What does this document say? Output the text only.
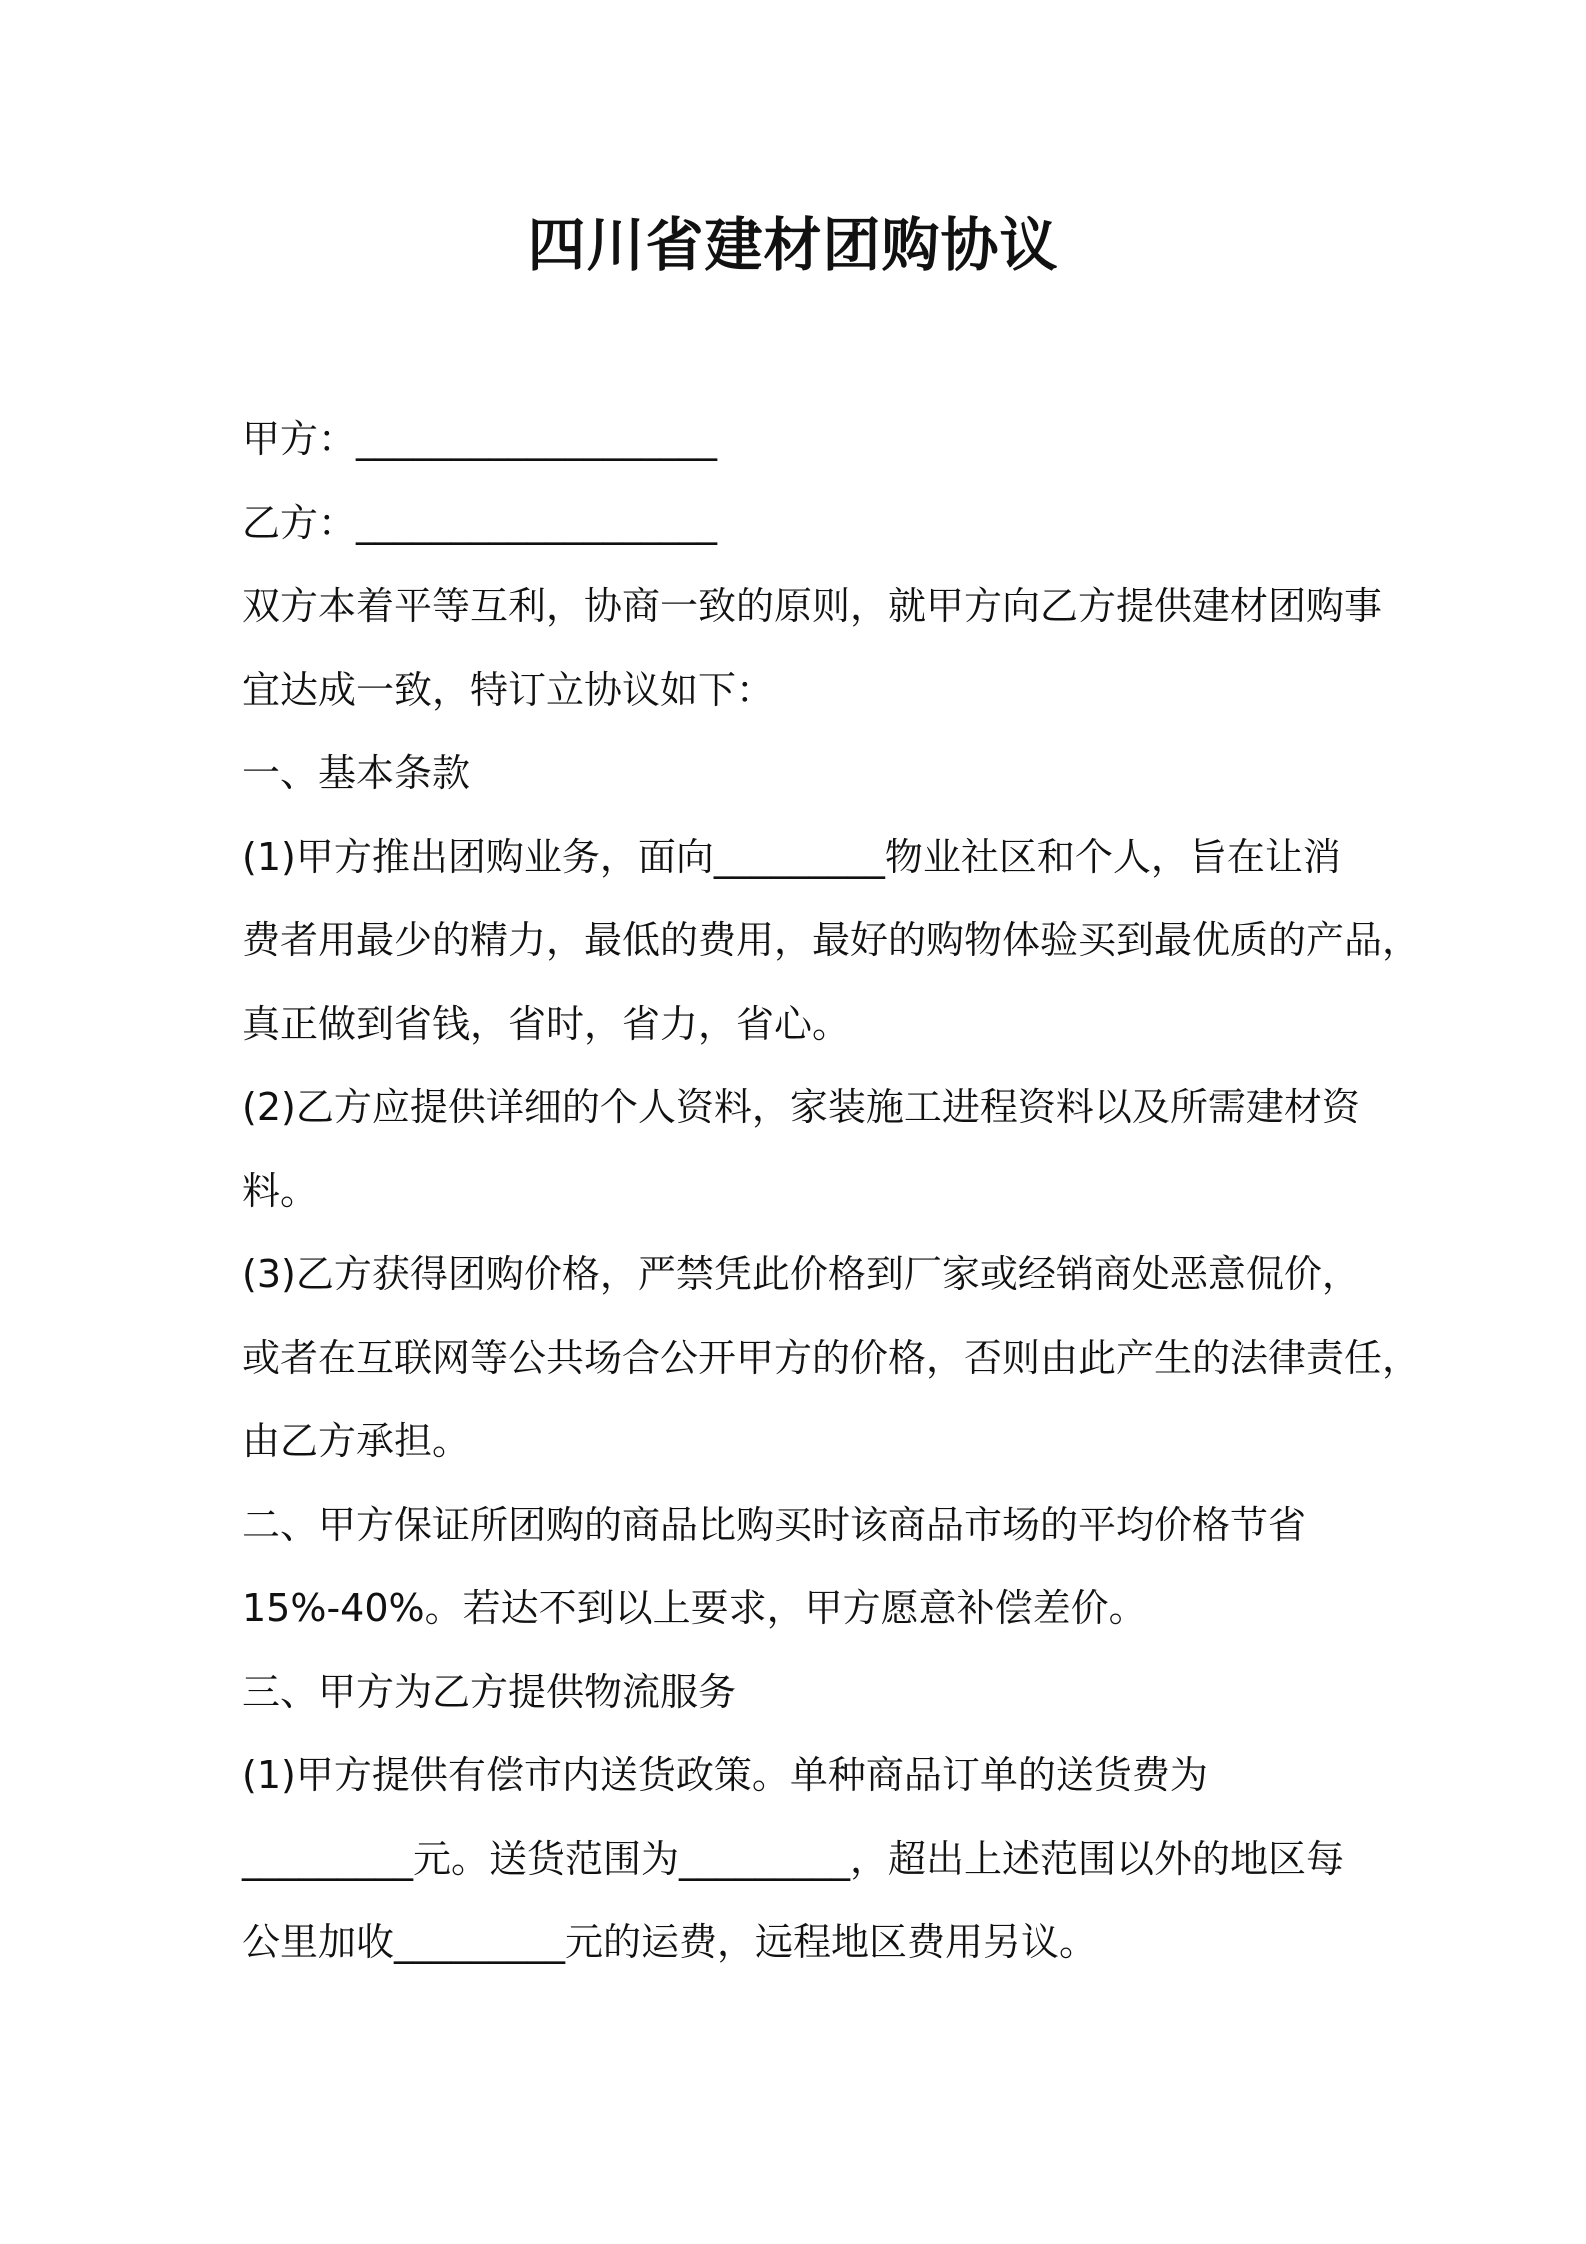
四川省建材团购协议
甲方：___________________
乙方：___________________
双方本着平等互利，协商一致的原则，就甲方向乙方提供建材团购事
宜达成一致，特订立协议如下：
一、基本条款
(1)甲方推出团购业务，面向_________物业社区和个人，旨在让消
费者用最少的精力，最低的费用，最好的购物体验买到最优质的产品，
真正做到省钱，省时，省力，省心。
(2)乙方应提供详细的个人资料，家装施工进程资料以及所需建材资
料。
(3)乙方获得团购价格，严禁凭此价格到厂家或经销商处恶意侃价，
或者在互联网等公共场合公开甲方的价格，否则由此产生的法律责任，
由乙方承担。
二、甲方保证所团购的商品比购买时该商品市场的平均价格节省
15%-40%。若达不到以上要求，甲方愿意补偿差价。
三、甲方为乙方提供物流服务
(1)甲方提供有偿市内送货政策。单种商品订单的送货费为
_________元。送货范围为_________，超出上述范围以外的地区每
公里加收_________元的运费，远程地区费用另议。
